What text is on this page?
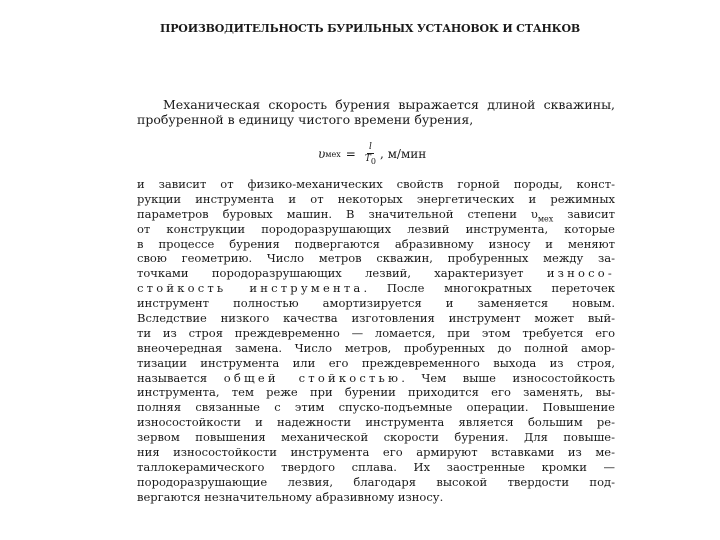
ПРОИЗВОДИТЕЛЬНОСТЬ БУРИЛЬНЫХ УСТАНОВОК И СТАНКОВ
Механическая скорость бурения выражается длиной скважины,
пробуренной в единицу чистого времени бурения,
υ мех = $\frac{l}{T_0}$ , м/мин
и зависит от физико-механических свойств горной породы, конст-
рукции инструмента и от некоторых энергетических и режимных
параметров буровых машин. В значительной степени $\upsilon_{мех}$ зависит
от конструкции породоразрушающих лезвий инструмента, которые
в процессе бурения подвергаются абразивному износу и меняют
свою геометрию. Число метров скважин, пробуренных между за-
точками породоразрушающих лезвий, характеризует износо-
стойкость инструмента. После многократных переточек
инструмент полностью амортизируется и заменяется новым.
Вследствие низкого качества изготовления инструмент может вый-
ти из строя преждевременно — ломается, при этом требуется его
внеочередная замена. Число метров, пробуренных до полной амор-
тизации инструмента или его преждевременного выхода из строя,
называется общей стойкостью. Чем выше износостойкость
инструмента, тем реже при бурении приходится его заменять, вы-
полняя связанные с этим спуско-подъемные операции. Повышение
износостойкости и надежности инструмента является большим ре-
зервом повышения механической скорости бурения. Для повыше-
ния износостойкости инструмента его армируют вставками из ме-
таллокерамического твердого сплава. Их заостренные кромки —
породоразрушающие лезвия, благодаря высокой твердости под-
вергаются незначительному абразивному износу.
